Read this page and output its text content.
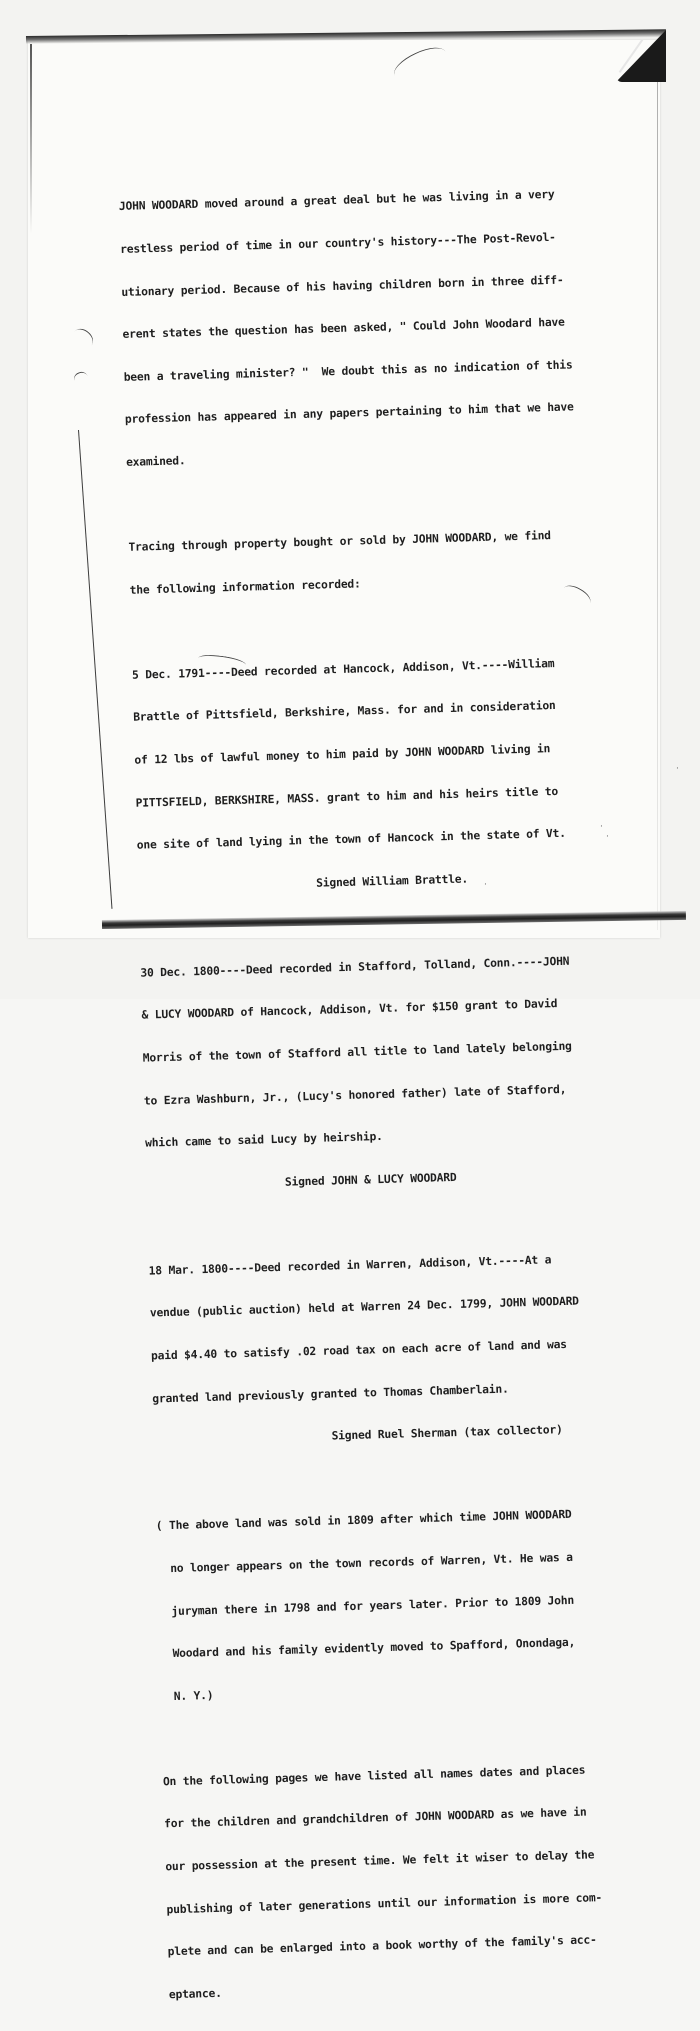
JOHN WOODARD moved around a great deal but he was living in a very

restless period of time in our country's history---The Post-Revol-

utionary period. Because of his having children born in three diff-

erent states the question has been asked, " Could John Woodard have

been a traveling minister? "  We doubt this as no indication of this

profession has appeared in any papers pertaining to him that we have

examined.

Tracing through property bought or sold by JOHN WOODARD, we find

the following information recorded:

5 Dec. 1791----Deed recorded at Hancock, Addison, Vt.----William

Brattle of Pittsfield, Berkshire, Mass. for and in consideration

of 12 lbs of lawful money to him paid by JOHN WOODARD living in

PITTSFIELD, BERKSHIRE, MASS. grant to him and his heirs title to

one site of land lying in the town of Hancock in the state of Vt.

Signed William Brattle.

30 Dec. 1800----Deed recorded in Stafford, Tolland, Conn.----JOHN

& LUCY WOODARD of Hancock, Addison, Vt. for $150 grant to David

Morris of the town of Stafford all title to land lately belonging

to Ezra Washburn, Jr., (Lucy's honored father) late of Stafford,

which came to said Lucy by heirship.

Signed JOHN & LUCY WOODARD

18 Mar. 1800----Deed recorded in Warren, Addison, Vt.----At a

vendue (public auction) held at Warren 24 Dec. 1799, JOHN WOODARD

paid $4.40 to satisfy .02 road tax on each acre of land and was

granted land previously granted to Thomas Chamberlain.

Signed Ruel Sherman (tax collector)

( The above land was sold in 1809 after which time JOHN WOODARD

no longer appears on the town records of Warren, Vt. He was a

juryman there in 1798 and for years later. Prior to 1809 John

Woodard and his family evidently moved to Spafford, Onondaga,

N. Y.)

On the following pages we have listed all names dates and places

for the children and grandchildren of JOHN WOODARD as we have in

our possession at the present time. We felt it wiser to delay the

publishing of later generations until our information is more com-

plete and can be enlarged into a book worthy of the family's acc-

eptance.

·
·
·
·
